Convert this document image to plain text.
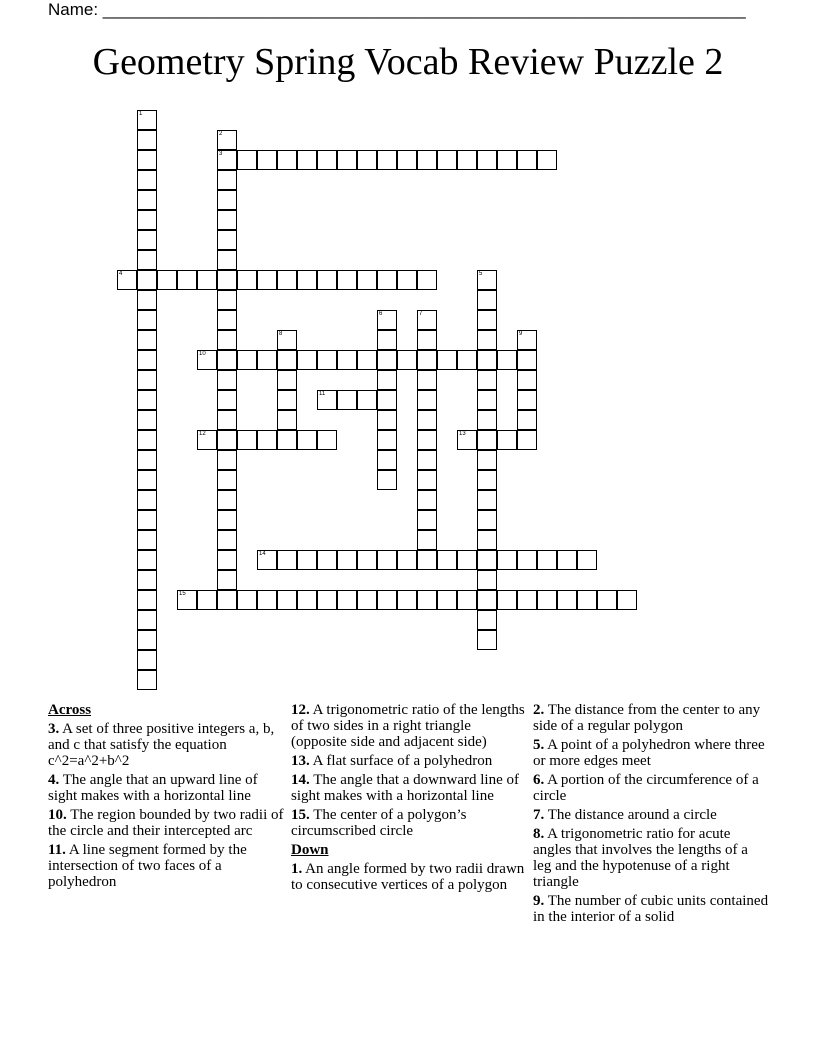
Name: ____________________________________________________________________
Geometry Spring Vocab Review Puzzle 2
1
2
3
4	5
6	7
8	9
10
11
12	13
14
15
Across
3. A set of three positive integers a, b, and c that satisfy the equation c^2=a^2+b^2
4. The angle that an upward line of sight makes with a horizontal line
10. The region bounded by two radii of the circle and their intercepted arc
11. A line segment formed by the intersection of two faces of a polyhedron
12. A trigonometric ratio of the lengths of two sides in a right triangle (opposite side and adjacent side)
13. A flat surface of a polyhedron
14. The angle that a downward line of sight makes with a horizontal line
15. The center of a polygon’s circumscribed circle
Down
1. An angle formed by two radii drawn to consecutive vertices of a polygon
2. The distance from the center to any side of a regular polygon
5. A point of a polyhedron where three or more edges meet
6. A portion of the circumference of a circle
7. The distance around a circle
8. A trigonometric ratio for acute angles that involves the lengths of a leg and the hypotenuse of a right triangle
9. The number of cubic units contained in the interior of a solid
